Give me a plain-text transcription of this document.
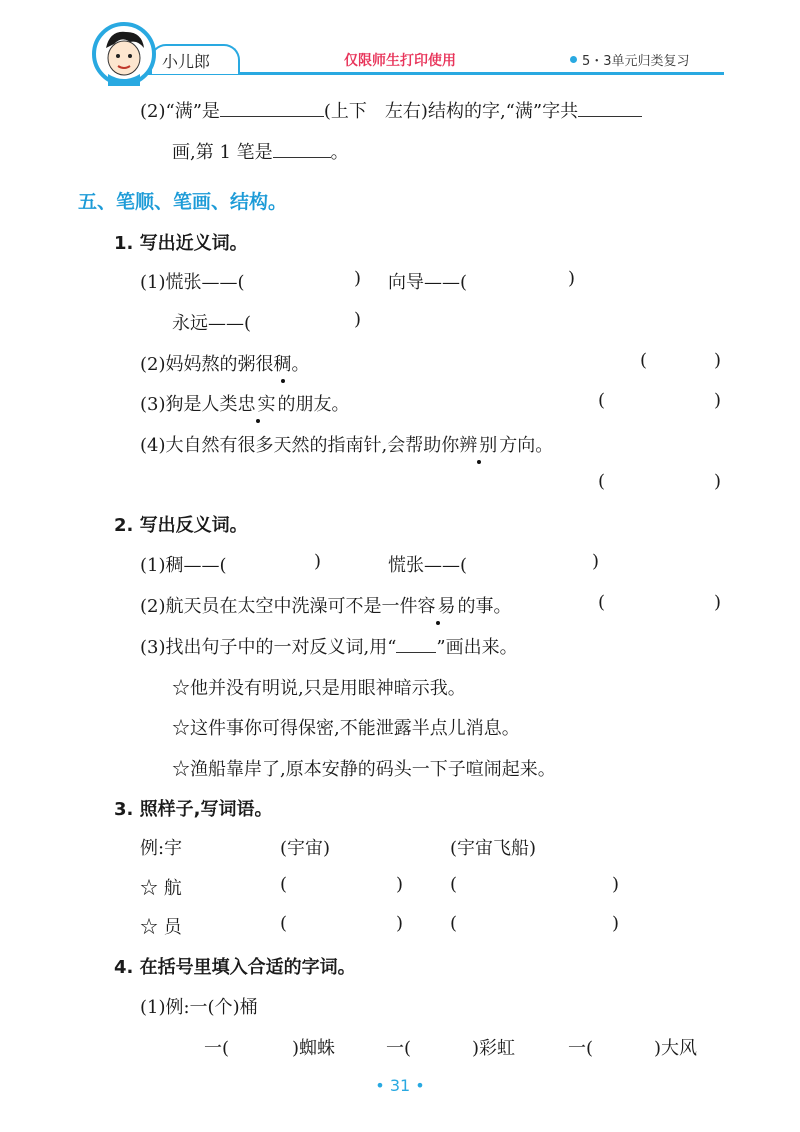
小儿郎	仅限师生打印使用	5・3单元归类复习
(2)“满”是	(上下　左右)结构的字,“满”字共
画,第 1 笔是	。
五、笔顺、笔画、结构。
1. 写出近义词。
(1)慌张——(	) 向导——(	)
永远——(	)
(2)妈妈熬的粥很稠。	(	)
(3)狗是人类忠实的朋友。	(	)
(4)大自然有很多天然的指南针,会帮助你辨别方向。
(	)
2. 写出反义词。
(1)稠——(	)	慌张——(	)
(2)航天员在太空中洗澡可不是一件容易的事。	(	)
(3)找出句子中的一对反义词,用“ ”画出来。
☆他并没有明说,只是用眼神暗示我。
☆这件事你可得保密,不能泄露半点儿消息。
☆渔船靠岸了,原本安静的码头一下子喧闹起来。
3. 照样子,写词语。
例:宇	(宇宙)	(宇宙飞船)
☆ 航	(	)	(	)
☆ 员	(	)	(	)
4. 在括号里填入合适的字词。
(1)例:一(个)桶
一(	)蜘蛛	一(	)彩虹	一(	)大风
• 31 •
